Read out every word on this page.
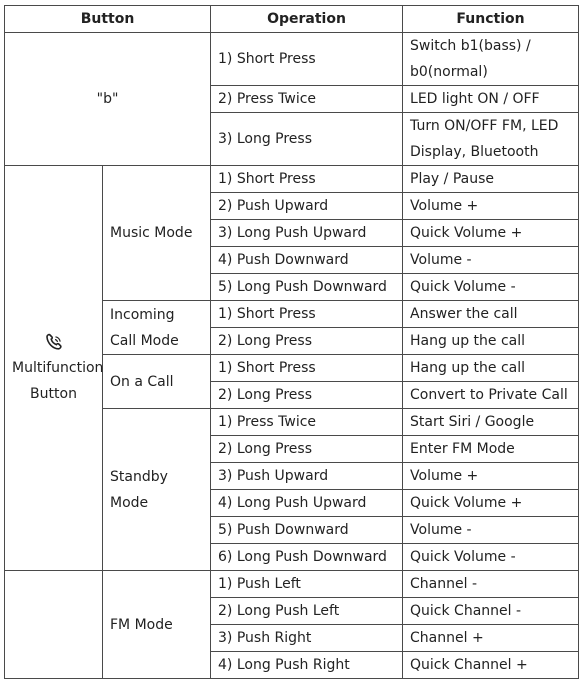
Button		Operation	Function
"b"		1) Short Press	Switch b1(bass) / b0(normal)
		2) Press Twice	LED light ON / OFF
		3) Long Press	Turn ON/OFF FM, LED Display, Bluetooth

Multifunction Button	Music Mode	1) Short Press	Play / Pause
		2) Push Upward	Volume +
		3) Long Push Upward	Quick Volume +
		4) Push Downward	Volume -
		5) Long Push Downward	Quick Volume -
	Incoming Call Mode	1) Short Press	Answer the call
		2) Long Press	Hang up the call
	On a Call	1) Short Press	Hang up the call
		2) Long Press	Convert to Private Call
	Standby Mode	1) Press Twice	Start Siri / Google
		2) Long Press	Enter FM Mode
		3) Push Upward	Volume +
		4) Long Push Upward	Quick Volume +
		5) Push Downward	Volume -
		6) Long Push Downward	Quick Volume -
	FM Mode	1) Push Left	Channel -
		2) Long Push Left	Quick Channel -
		3) Push Right	Channel +
		4) Long Push Right	Quick Channel +
